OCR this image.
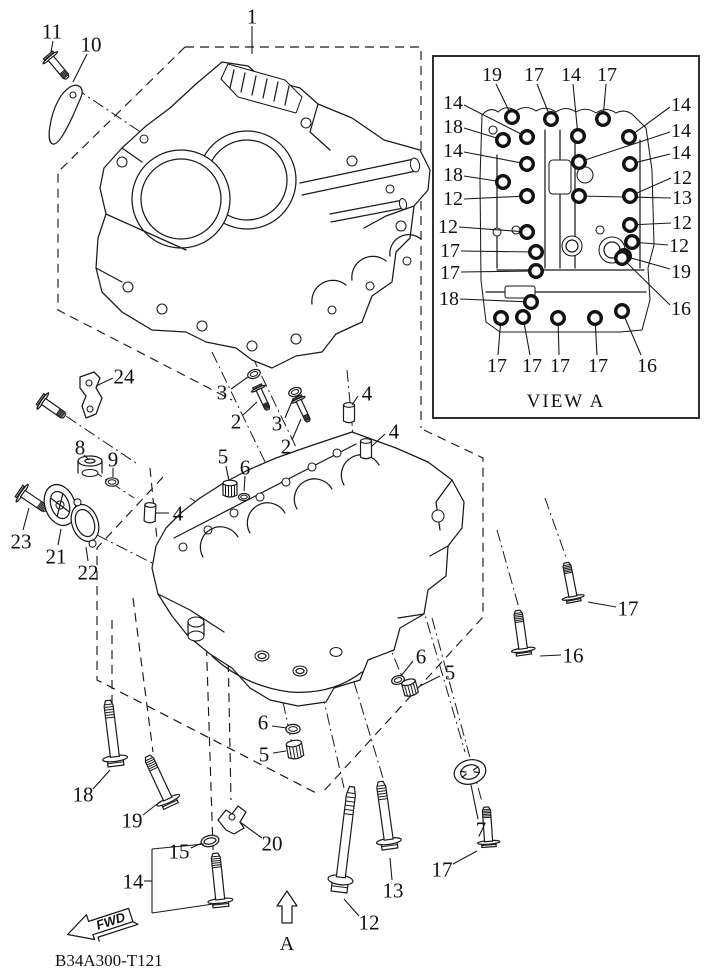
19 17 14 17
14
18
14
18
12
12
17
17
18
14
14
14
12
13
12
12
19
16
17 17 17 17 16
VIEW A
1
11
10
24
8 9
23
21
22
3
2 3
2
4
4
4
5 6
17
16
6
5
6
5
18
19
20
15
14
12
13
17
7
A
FWD
B34A300-T121
